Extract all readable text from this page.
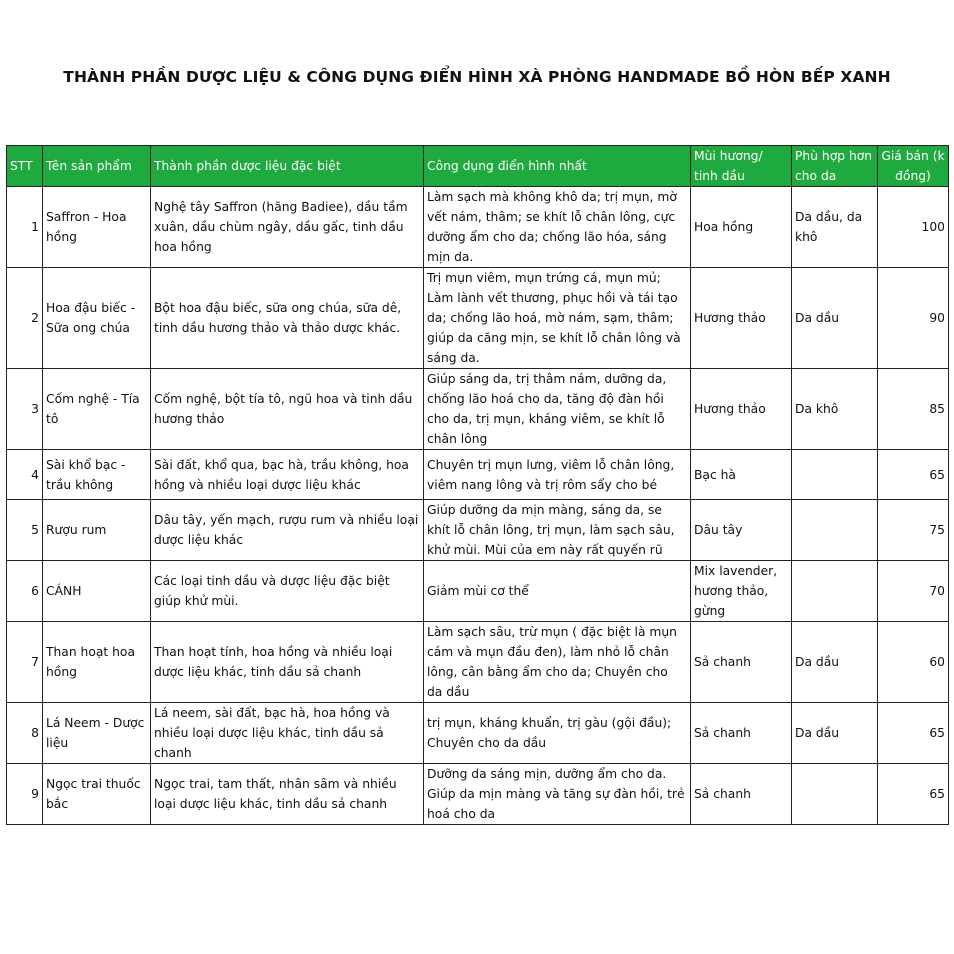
THÀNH PHẦN DƯỢC LIỆU & CÔNG DỤNG ĐIỂN HÌNH XÀ PHÒNG HANDMADE BỒ HÒN BẾP XANH
STT	Tên sản phẩm	Thành phần dược liệu đặc biệt	Công dụng điển hình nhất	Mùi hương/ tinh dầu	Phù hợp hơn cho da	Giá bán (k đồng)
1	Saffron - Hoa hồng	Nghệ tây Saffron (hãng Badiee), dầu tầm xuân, dầu chùm ngây, dầu gấc, tinh dầu hoa hồng	Làm sạch mà không khô da; trị mụn, mờ vết nám, thâm; se khít lỗ chân lông, cực dưỡng ẩm cho da; chống lão hóa, sáng mịn da.	Hoa hồng	Da dầu, da khô	100
2	Hoa đậu biếc - Sữa ong chúa	Bột hoa đậu biếc, sữa ong chúa, sữa dê, tinh dầu hương thảo và thảo dược khác.	Trị mụn viêm, mụn trứng cá, mụn mủ; Làm lành vết thương, phục hồi và tái tạo da; chống lão hoá, mờ nám, sạm, thâm; giúp da căng mịn, se khít lỗ chân lông và sáng da.	Hương thảo	Da dầu	90
3	Cốm nghệ - Tía tô	Cốm nghệ, bột tía tô, ngũ hoa và tinh dầu hương thảo	Giúp sáng da, trị thâm nám, dưỡng da, chống lão hoá cho da, tăng độ đàn hồi cho da, trị mụn, kháng viêm, se khít lỗ chân lông	Hương thảo	Da khô	85
4	Sài khổ bạc - trầu không	Sài đất, khổ qua, bạc hà, trầu không, hoa hồng và nhiều loại dược liệu khác	Chuyên trị mụn lưng, viêm lỗ chân lông, viêm nang lông và trị rôm sẩy cho bé	Bạc hà		65
5	Rượu rum	Dâu tây, yến mạch, rượu rum và nhiều loại dược liệu khác	Giúp dưỡng da mịn màng, sáng da, se khít lỗ chân lông, trị mụn, làm sạch sâu, khử mùi. Mùi của em này rất quyến rũ	Dâu tây		75
6	CÁNH	Các loại tinh dầu và dược liệu đặc biệt giúp khử mùi.	Giảm mùi cơ thể	Mix lavender, hương thảo, gừng		70
7	Than hoạt hoa hồng	Than hoạt tính, hoa hồng và nhiều loại dược liệu khác, tinh dầu sả chanh	Làm sạch sâu, trừ mụn ( đặc biệt là mụn cám và mụn đầu đen), làm nhỏ lỗ chân lông, cân bằng ẩm cho da; Chuyên cho da dầu	Sả chanh	Da dầu	60
8	Lá Neem - Dược liệu	Lá neem, sài đất, bạc hà, hoa hồng và nhiều loại dược liệu khác, tinh dầu sả chanh	trị mụn, kháng khuẩn, trị gàu (gội đầu); Chuyên cho da dầu	Sả chanh	Da dầu	65
9	Ngọc trai thuốc bắc	Ngọc trai, tam thất, nhân sâm và nhiều loại dược liệu khác, tinh dầu sả chanh	Dưỡng da sáng mịn, dưỡng ẩm cho da. Giúp da mịn màng và tăng sự đàn hồi, trẻ hoá cho da	Sả chanh		65
